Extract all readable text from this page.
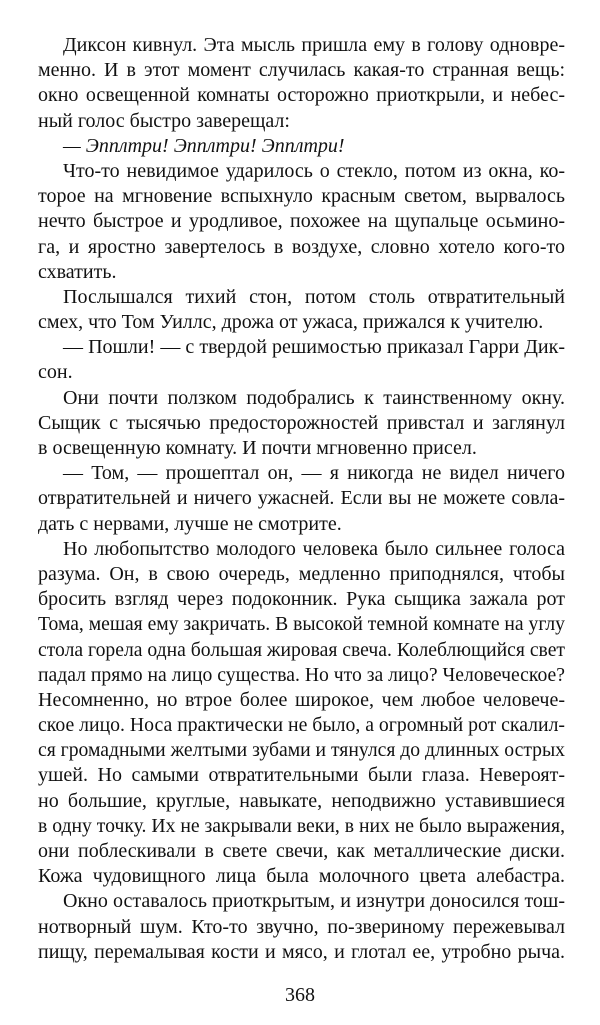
Диксон кивнул. Эта мысль пришла ему в голову одновре-
менно. И в этот момент случилась какая-то странная вещь:
окно освещенной комнаты осторожно приоткрыли, и небес-
ный голос быстро заверещал:
— Эпплтри! Эпплтри! Эпплтри!
Что-то невидимое ударилось о стекло, потом из окна, ко-
торое на мгновение вспыхнуло красным светом, вырвалось
нечто быстрое и уродливое, похожее на щупальце осьмино-
га, и яростно завертелось в воздухе, словно хотело кого-то
схватить.
Послышался тихий стон, потом столь отвратительный
смех, что Том Уиллс, дрожа от ужаса, прижался к учителю.
— Пошли! — с твердой решимостью приказал Гарри Дик-
сон.
Они почти ползком подобрались к таинственному окну.
Сыщик с тысячью предосторожностей привстал и заглянул
в освещенную комнату. И почти мгновенно присел.
— Том, — прошептал он, — я никогда не видел ничего
отвратительней и ничего ужасней. Если вы не можете совла-
дать с нервами, лучше не смотрите.
Но любопытство молодого человека было сильнее голоса
разума. Он, в свою очередь, медленно приподнялся, чтобы
бросить взгляд через подоконник. Рука сыщика зажала рот
Тома, мешая ему закричать. В высокой темной комнате на углу
стола горела одна большая жировая свеча. Колеблющийся свет
падал прямо на лицо существа. Но что за лицо? Человеческое?
Несомненно, но втрое более широкое, чем любое человече-
ское лицо. Носа практически не было, а огромный рот скалил-
ся громадными желтыми зубами и тянулся до длинных острых
ушей. Но самыми отвратительными были глаза. Невероят-
но большие, круглые, навыкате, неподвижно уставившиеся
в одну точку. Их не закрывали веки, в них не было выражения,
они поблескивали в свете свечи, как металлические диски.
Кожа чудовищного лица была молочного цвета алебастра.
Окно оставалось приоткрытым, и изнутри доносился тош-
нотворный шум. Кто-то звучно, по-звериному пережевывал
пищу, перемалывая кости и мясо, и глотал ее, утробно рыча.
368
